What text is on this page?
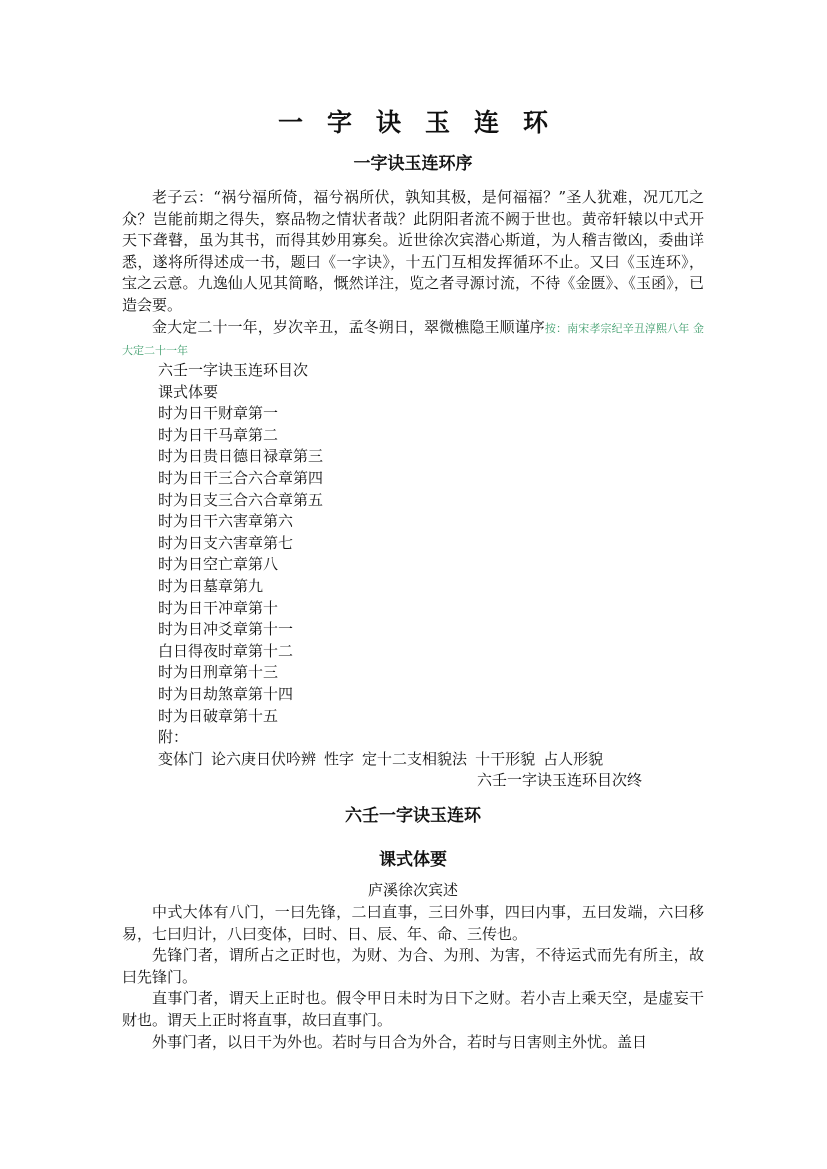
一字诀玉连环
一字诀玉连环序

老子云：“祸兮福所倚，福兮祸所伏，孰知其极，是何福福？”圣人犹难，况兀兀之众？岂能前期之得失，察品物之情状者哉？此阴阳者流不阙于世也。黄帝轩辕以中式开天下聋瞽，虽为其书，而得其妙用寡矣。近世徐次宾潜心斯道，为人稽吉徵凶，委曲详悉，遂将所得述成一书，题曰《一字诀》，十五门互相发挥循环不止。又曰《玉连环》，宝之云意。九逸仙人见其简略，慨然详注，览之者寻源讨流，不待《金匮》、《玉函》，已造会要。

金大定二十一年，岁次辛丑，孟冬朔日，翠微樵隐王顺谨序按：南宋孝宗纪辛丑淳熙八年 金大定二十一年

六壬一字诀玉连环目次

课式体要

时为日干财章第一

时为日干马章第二

时为日贵日德日禄章第三

时为日干三合六合章第四

时为日支三合六合章第五

时为日干六害章第六

时为日支六害章第七

时为日空亡章第八

时为日墓章第九

时为日干冲章第十

时为日冲爻章第十一

白日得夜时章第十二

时为日刑章第十三

时为日劫煞章第十四

时为日破章第十五

附：

变体门 论六庚日伏吟辨 性字 定十二支相貌法 十干形貌 占人形貌

六壬一字诀玉连环目次终

六壬一字诀玉连环
课式体要
庐溪徐次宾述

中式大体有八门，一曰先锋，二曰直事，三曰外事，四曰内事，五曰发端，六曰移易，七曰归计，八曰变体，曰时、日、辰、年、命、三传也。

先锋门者，谓所占之正时也，为财、为合、为刑、为害，不待运式而先有所主，故曰先锋门。

直事门者，谓天上正时也。假令甲日未时为日下之财。若小吉上乘天空，是虚妄干财也。谓天上正时将直事，故曰直事门。

外事门者，以日干为外也。若时与日合为外合，若时与日害则主外忧。盖日
